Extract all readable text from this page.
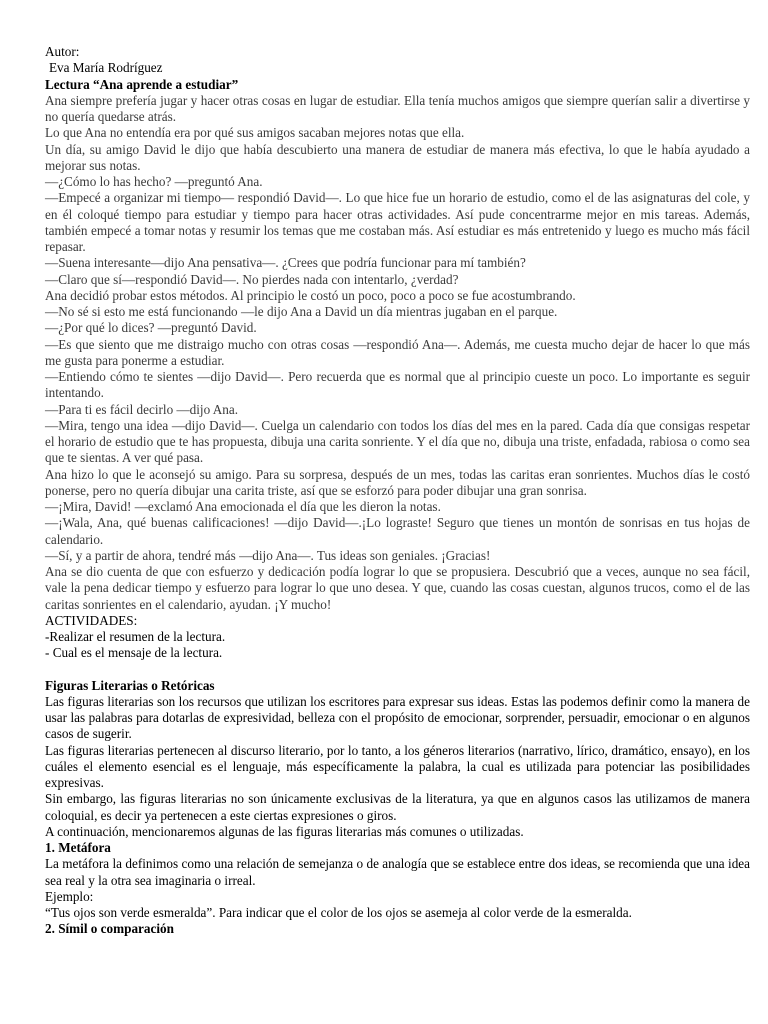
Autor:

Eva María Rodríguez

Lectura “Ana aprende a estudiar”

Ana siempre prefería jugar y hacer otras cosas en lugar de estudiar. Ella tenía muchos amigos que siempre querían salir a divertirse y no quería quedarse atrás.

Lo que Ana no entendía era por qué sus amigos sacaban mejores notas que ella.

Un día, su amigo David le dijo que había descubierto una manera de estudiar de manera más efectiva, lo que le había ayudado a mejorar sus notas.

—¿Cómo lo has hecho? —preguntó Ana.

—Empecé a organizar mi tiempo— respondió David—. Lo que hice fue un horario de estudio, como el de las asignaturas del cole, y en él coloqué tiempo para estudiar y tiempo para hacer otras actividades. Así pude concentrarme mejor en mis tareas. Además, también empecé a tomar notas y resumir los temas que me costaban más. Así estudiar es más entretenido y luego es mucho más fácil repasar.

—Suena interesante—dijo Ana pensativa—. ¿Crees que podría funcionar para mí también?

—Claro que sí—respondió David—. No pierdes nada con intentarlo, ¿verdad?

Ana decidió probar estos métodos. Al principio le costó un poco, poco a poco se fue acostumbrando.

—No sé si esto me está funcionando —le dijo Ana a David un día mientras jugaban en el parque.

—¿Por qué lo dices? —preguntó David.

—Es que siento que me distraigo mucho con otras cosas —respondió Ana—. Además, me cuesta mucho dejar de hacer lo que más me gusta para ponerme a estudiar.

—Entiendo cómo te sientes —dijo David—. Pero recuerda que es normal que al principio cueste un poco. Lo importante es seguir intentando.

—Para ti es fácil decirlo —dijo Ana.

—Mira, tengo una idea —dijo David—. Cuelga un calendario con todos los días del mes en la pared. Cada día que consigas respetar el horario de estudio que te has propuesta, dibuja una carita sonriente. Y el día que no, dibuja una triste, enfadada, rabiosa o como sea que te sientas. A ver qué pasa.

Ana hizo lo que le aconsejó su amigo. Para su sorpresa, después de un mes, todas las caritas eran sonrientes. Muchos días le costó ponerse, pero no quería dibujar una carita triste, así que se esforzó para poder dibujar una gran sonrisa.

—¡Mira, David! —exclamó Ana emocionada el día que les dieron la notas.

—¡Wala, Ana, qué buenas calificaciones! —dijo David—.¡Lo lograste! Seguro que tienes un montón de sonrisas en tus hojas de calendario.

—Sí, y a partir de ahora, tendré más —dijo Ana—. Tus ideas son geniales. ¡Gracias!

Ana se dio cuenta de que con esfuerzo y dedicación podía lograr lo que se propusiera. Descubrió que a veces, aunque no sea fácil, vale la pena dedicar tiempo y esfuerzo para lograr lo que uno desea. Y que, cuando las cosas cuestan, algunos trucos, como el de las caritas sonrientes en el calendario, ayudan. ¡Y mucho!

ACTIVIDADES:

-Realizar el resumen de la lectura.

- Cual es el mensaje de la lectura.

Figuras Literarias o Retóricas

Las figuras literarias son los recursos que utilizan los escritores para expresar sus ideas. Estas las podemos definir como la manera de usar las palabras para dotarlas de expresividad, belleza con el propósito de emocionar, sorprender, persuadir, emocionar o en algunos casos de sugerir.

Las figuras literarias pertenecen al discurso literario, por lo tanto, a los géneros literarios (narrativo, lírico, dramático, ensayo), en los cuáles el elemento esencial es el lenguaje, más específicamente la palabra, la cual es utilizada para potenciar las posibilidades expresivas.

Sin embargo, las figuras literarias no son únicamente exclusivas de la literatura, ya que en algunos casos las utilizamos de manera coloquial, es decir ya pertenecen a este ciertas expresiones o giros.

A continuación, mencionaremos algunas de las figuras literarias más comunes o utilizadas.

1. Metáfora

La metáfora la definimos como una relación de semejanza o de analogía que se establece entre dos ideas, se recomienda que una idea sea real y la otra sea imaginaria o irreal.

Ejemplo:

“Tus ojos son verde esmeralda”. Para indicar que el color de los ojos se asemeja al color verde de la esmeralda.

2. Símil o comparación
